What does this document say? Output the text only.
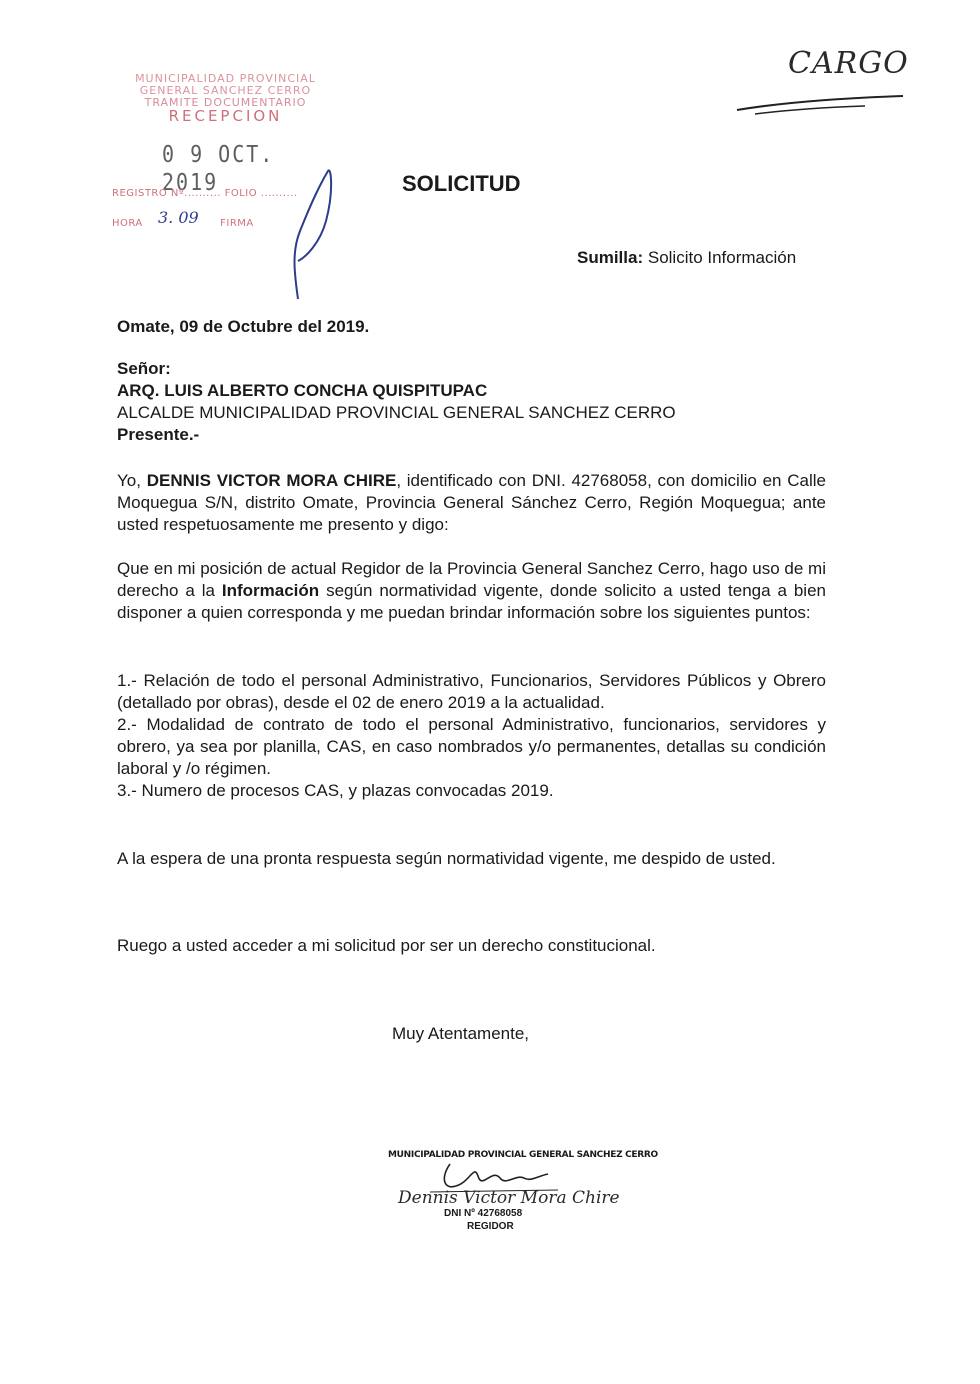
MUNICIPALIDAD PROVINCIAL
GENERAL SANCHEZ CERRO
TRAMITE DOCUMENTARIO
RECEPCION
0 9 OCT. 2019
REGISTRO Nº.......... FOLIO ..........
HORA	FIRMA
3. 09
CARGO
SOLICITUD
Sumilla: Solicito Información
Omate, 09 de Octubre del 2019.
Señor:
ARQ. LUIS ALBERTO CONCHA QUISPITUPAC
ALCALDE MUNICIPALIDAD PROVINCIAL GENERAL SANCHEZ CERRO
Presente.-
Yo, DENNIS VICTOR MORA CHIRE, identificado con DNI. 42768058, con domicilio en Calle Moquegua S/N, distrito Omate, Provincia General Sánchez Cerro, Región Moquegua; ante usted respetuosamente me presento y digo:
Que en mi posición de actual Regidor de la Provincia General Sanchez Cerro, hago uso de mi derecho a la Información según normatividad vigente, donde solicito a usted tenga a bien disponer a quien corresponda y me puedan brindar información sobre los siguientes puntos:
1.- Relación de todo el personal Administrativo, Funcionarios, Servidores Públicos y Obrero (detallado por obras), desde el 02 de enero 2019 a la actualidad.
2.- Modalidad de contrato de todo el personal Administrativo, funcionarios, servidores y obrero, ya sea por planilla, CAS, en caso nombrados y/o permanentes, detallas su condición laboral y /o régimen.
3.- Numero de procesos CAS, y plazas convocadas 2019.
A la espera de una pronta respuesta según normatividad vigente, me despido de usted.
Ruego a usted acceder a mi solicitud por ser un derecho constitucional.
Muy Atentamente,
MUNICIPALIDAD PROVINCIAL GENERAL SANCHEZ CERRO
Dennis Victor Mora Chire
DNI Nº 42768058
REGIDOR
